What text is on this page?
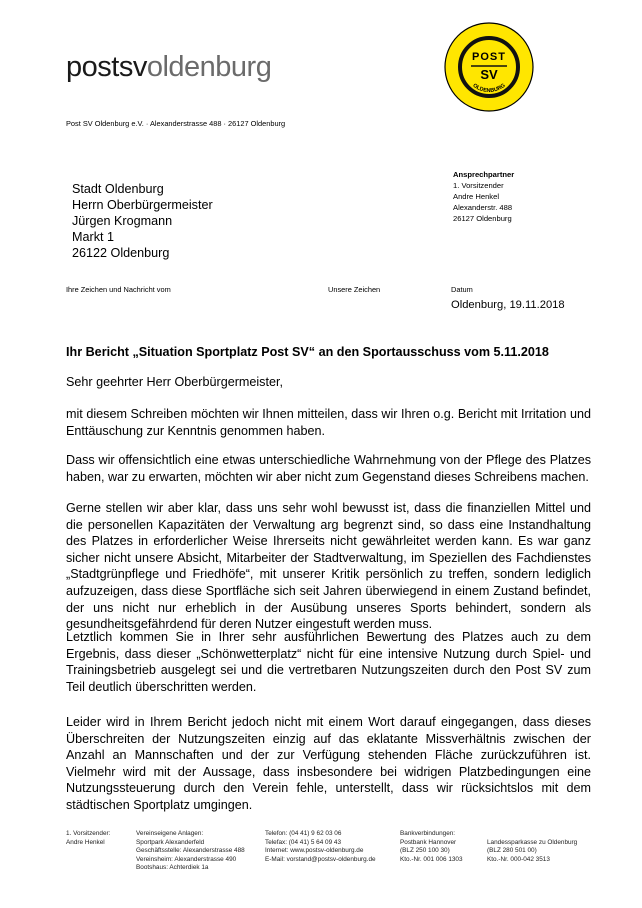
postsvoldenburg	POST
SV
OLDENBURG
Post SV Oldenburg e.V. · Alexanderstrasse 488 · 26127 Oldenburg
Ansprechpartner
1. Vorsitzender
Andre Henkel
Alexanderstr. 488
26127 Oldenburg
Stadt Oldenburg
Herrn Oberbürgermeister
Jürgen Krogmann
Markt 1
26122 Oldenburg
Ihre Zeichen und Nachricht vom	Unsere Zeichen	Datum
Oldenburg, 19.11.2018
Ihr Bericht „Situation Sportplatz Post SV“ an den Sportausschuss vom 5.11.2018
Sehr geehrter Herr Oberbürgermeister,
mit diesem Schreiben möchten wir Ihnen mitteilen, dass wir Ihren o.g. Bericht mit Irritation und Enttäuschung zur Kenntnis genommen haben.
Dass wir offensichtlich eine etwas unterschiedliche Wahrnehmung von der Pflege des Platzes haben, war zu erwarten, möchten wir aber nicht zum Gegenstand dieses Schreibens machen.
Gerne stellen wir aber klar, dass uns sehr wohl bewusst ist, dass die finanziellen Mittel und die personellen Kapazitäten der Verwaltung arg begrenzt sind, so dass eine Instandhaltung des Platzes in erforderlicher Weise Ihrerseits nicht gewährleitet werden kann. Es war ganz sicher nicht unsere Absicht, Mitarbeiter der Stadtverwaltung, im Speziellen des Fachdienstes „Stadtgrünpflege und Friedhöfe“, mit unserer Kritik persönlich zu treffen, sondern lediglich aufzuzeigen, dass diese Sportfläche sich seit Jahren überwiegend in einem Zustand befindet, der uns nicht nur erheblich in der Ausübung unseres Sports behindert, sondern als gesundheitsgefährdend für deren Nutzer eingestuft werden muss.
Letztlich kommen Sie in Ihrer sehr ausführlichen Bewertung des Platzes auch zu dem Ergebnis, dass dieser „Schönwetterplatz“ nicht für eine intensive Nutzung durch Spiel- und Trainingsbetrieb ausgelegt sei und die vertretbaren Nutzungszeiten durch den Post SV zum Teil deutlich überschritten werden.
Leider wird in Ihrem Bericht jedoch nicht mit einem Wort darauf eingegangen, dass dieses Überschreiten der Nutzungszeiten einzig auf das eklatante Missverhältnis zwischen der Anzahl an Mannschaften und der zur Verfügung stehenden Fläche zurückzuführen ist. Vielmehr wird mit der Aussage, dass insbesondere bei widrigen Platzbedingungen eine Nutzungssteuerung durch den Verein fehle, unterstellt, dass wir rücksichtslos mit dem städtischen Sportplatz umgingen.
1. Vorsitzender:
Andre Henkel
Vereinseigene Anlagen:
Sportpark Alexanderfeld
Geschäftsstelle: Alexanderstrasse 488
Vereinsheim: Alexanderstrasse 490
Bootshaus: Achterdiek 1a
Telefon: (04 41) 9 62 03 06
Telefax: (04 41) 5 64 09 43
Internet: www.postsv-oldenburg.de
E-Mail: vorstand@postsv-oldenburg.de
Bankverbindungen:
Postbank Hannover
(BLZ 250 100 30)
Kto.-Nr. 001 006 1303
Landessparkasse zu Oldenburg
(BLZ 280 501 00)
Kto.-Nr. 000-042 3513
